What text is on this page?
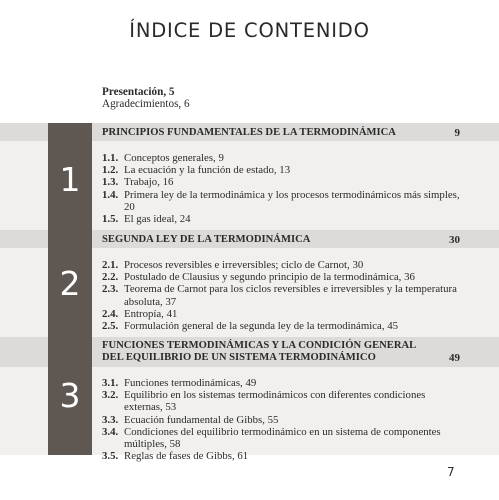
ÍNDICE DE CONTENIDO
Presentación, 5
Agradecimientos, 6
1
PRINCIPIOS FUNDAMENTALES DE LA TERMODINÁMICA	9
1.1. Conceptos generales, 9
1.2. La ecuación y la función de estado, 13
1.3. Trabajo, 16
1.4. Primera ley de la termodinámica y los procesos termodinámicos más simples, 20
1.5. El gas ideal, 24
2
SEGUNDA LEY DE LA TERMODINÁMICA	30
2.1. Procesos reversibles e irreversibles; ciclo de Carnot, 30
2.2. Postulado de Clausius y segundo principio de la termodinámica, 36
2.3. Teorema de Carnot para los ciclos reversibles e irreversibles y la temperatura absoluta, 37
2.4. Entropía, 41
2.5. Formulación general de la segunda ley de la termodinámica, 45
3
FUNCIONES TERMODINÁMICAS Y LA CONDICIÓN GENERAL
DEL EQUILIBRIO DE UN SISTEMA TERMODINÁMICO	49
3.1. Funciones termodinámicas, 49
3.2. Equilibrio en los sistemas termodinámicos con diferentes condiciones externas, 53
3.3. Ecuación fundamental de Gibbs, 55
3.4. Condiciones del equilibrio termodinámico en un sistema de componentes múltiples, 58
3.5. Reglas de fases de Gibbs, 61
7
